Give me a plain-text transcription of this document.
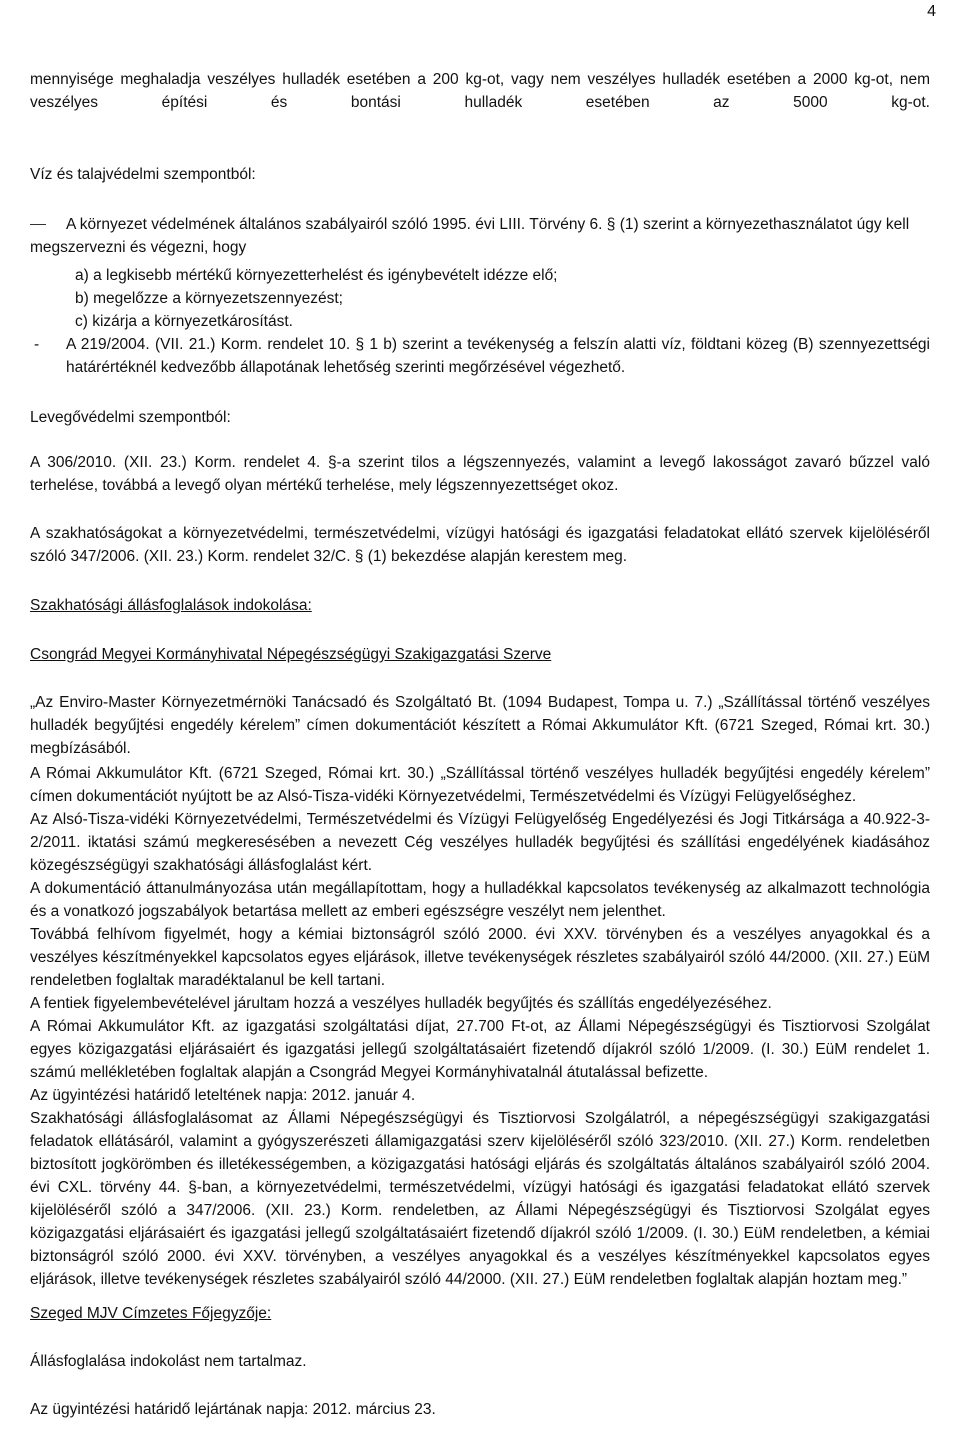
4
mennyisége meghaladja veszélyes hulladék esetében a 200 kg-ot, vagy nem veszélyes hulladék esetében a 2000 kg-ot, nem veszélyes építési és bontási hulladék esetében az 5000 kg-ot.
Víz és talajvédelmi szempontból:
A környezet védelmének általános szabályairól szóló 1995. évi LIII. Törvény 6. § (1) szerint a környezethasználatot úgy kell
megszervezni és végezni, hogy
a) a legkisebb mértékű környezetterhelést és igénybevételt idézze elő;
b) megelőzze a környezetszennyezést;
c) kizárja a környezetkárosítást.
- A 219/2004. (VII. 21.) Korm. rendelet 10. § 1 b) szerint a tevékenység a felszín alatti víz, földtani közeg (B) szennyezettségi határértéknél kedvezőbb állapotának lehetőség szerinti megőrzésével végezhető.
Levegővédelmi szempontból:
A 306/2010. (XII. 23.) Korm. rendelet 4. §-a szerint tilos a légszennyezés, valamint a levegő lakosságot zavaró bűzzel való terhelése, továbbá a levegő olyan mértékű terhelése, mely légszennyezettséget okoz.
A szakhatóságokat a környezetvédelmi, természetvédelmi, vízügyi hatósági és igazgatási feladatokat ellátó szervek kijelöléséről szóló 347/2006. (XII. 23.) Korm. rendelet 32/C. § (1) bekezdése alapján kerestem meg.
Szakhatósági állásfoglalások indokolása:
Csongrád Megyei Kormányhivatal Népegészségügyi Szakigazgatási Szerve
„Az Enviro-Master Környezetmérnöki Tanácsadó és Szolgáltató Bt. (1094 Budapest, Tompa u. 7.) „Szállítással történő veszélyes hulladék begyűjtési engedély kérelem” címen dokumentációt készített a Római Akkumulátor Kft. (6721 Szeged, Római krt. 30.) megbízásából.
A Római Akkumulátor Kft. (6721 Szeged, Római krt. 30.) „Szállítással történő veszélyes hulladék begyűjtési engedély kérelem” címen dokumentációt nyújtott be az Alsó-Tisza-vidéki Környezetvédelmi, Természetvédelmi és Vízügyi Felügyelőséghez.
Az Alsó-Tisza-vidéki Környezetvédelmi, Természetvédelmi és Vízügyi Felügyelőség Engedélyezési és Jogi Titkársága a 40.922-3-2/2011. iktatási számú megkeresésében a nevezett Cég veszélyes hulladék begyűjtési és szállítási engedélyének kiadásához közegészségügyi szakhatósági állásfoglalást kért.
A dokumentáció áttanulmányozása után megállapítottam, hogy a hulladékkal kapcsolatos tevékenység az alkalmazott technológia és a vonatkozó jogszabályok betartása mellett az emberi egészségre veszélyt nem jelenthet.
Továbbá felhívom figyelmét, hogy a kémiai biztonságról szóló 2000. évi XXV. törvényben és a veszélyes anyagokkal és a veszélyes készítményekkel kapcsolatos egyes eljárások, illetve tevékenységek részletes szabályairól szóló 44/2000. (XII. 27.) EüM rendeletben foglaltak maradéktalanul be kell tartani.
A fentiek figyelembevételével járultam hozzá a veszélyes hulladék begyűjtés és szállítás engedélyezéséhez.
A Római Akkumulátor Kft. az igazgatási szolgáltatási díjat, 27.700 Ft-ot, az Állami Népegészségügyi és Tisztiorvosi Szolgálat egyes közigazgatási eljárásaiért és igazgatási jellegű szolgáltatásaiért fizetendő díjakról szóló 1/2009. (I. 30.) EüM rendelet 1. számú mellékletében foglaltak alapján a Csongrád Megyei Kormányhivatalnál átutalással befizette.
Az ügyintézési határidő leteltének napja: 2012. január 4.
Szakhatósági állásfoglalásomat az Állami Népegészségügyi és Tisztiorvosi Szolgálatról, a népegészségügyi szakigazgatási feladatok ellátásáról, valamint a gyógyszerészeti államigazgatási szerv kijelöléséről szóló 323/2010. (XII. 27.) Korm. rendeletben biztosított jogkörömben és illetékességemben, a közigazgatási hatósági eljárás és szolgáltatás általános szabályairól szóló 2004. évi CXL. törvény 44. §-ban, a környezetvédelmi, természetvédelmi, vízügyi hatósági és igazgatási feladatokat ellátó szervek kijelöléséről szóló a 347/2006. (XII. 23.) Korm. rendeletben, az Állami Népegészségügyi és Tisztiorvosi Szolgálat egyes közigazgatási eljárásaiért és igazgatási jellegű szolgáltatásaiért fizetendő díjakról szóló 1/2009. (I. 30.) EüM rendeletben, a kémiai biztonságról szóló 2000. évi XXV. törvényben, a veszélyes anyagokkal és a veszélyes készítményekkel kapcsolatos egyes eljárások, illetve tevékenységek részletes szabályairól szóló 44/2000. (XII. 27.) EüM rendeletben foglaltak alapján hoztam meg.”
Szeged MJV Címzetes Főjegyzője:
Állásfoglalása indokolást nem tartalmaz.
Az ügyintézési határidő lejártának napja: 2012. március 23.
